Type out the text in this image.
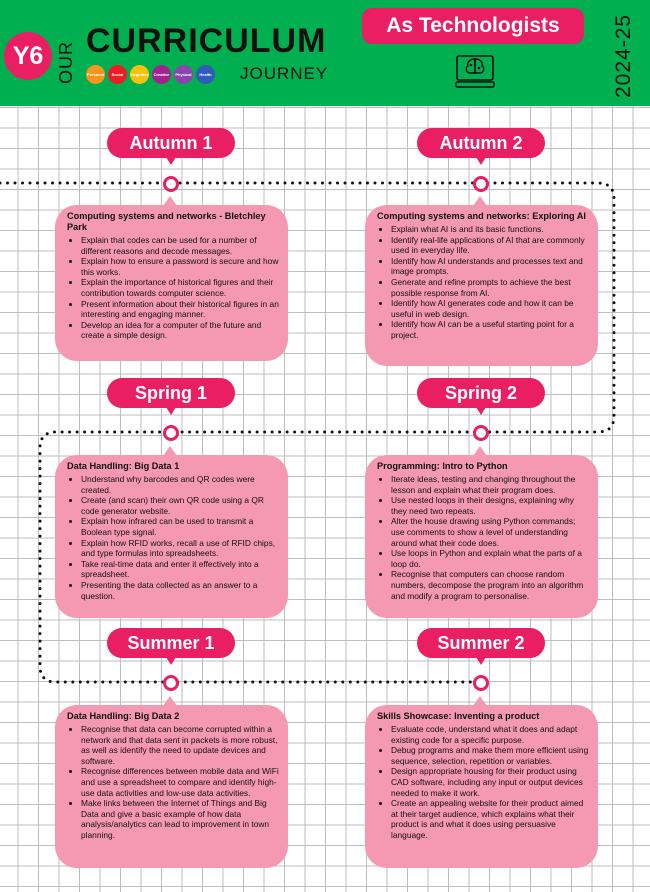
Y6 OUR CURRICULUM
Personal	Social	Cognitive	Creative	Physical	Health JOURNEY
As Technologists	2024-25
Autumn 1	Autumn 2
Spring 1	Spring 2
Summer 1	Summer 2
Computing systems and networks - Bletchley Park
• Explain that codes can be used for a number of different reasons and decode messages.
• Explain how to ensure a password is secure and how this works.
• Explain the importance of historical figures and their contribution towards computer science.
• Present information about their historical figures in an interesting and engaging manner.
• Develop an idea for a computer of the future and create a simple design.
Computing systems and networks: Exploring AI
• Explain what AI is and its basic functions.
• Identify real-life applications of AI that are commonly used in everyday life.
• Identify how AI understands and processes text and image prompts.
• Generate and refine prompts to achieve the best possible response from AI.
• Identify how AI generates code and how it can be useful in web design.
• Identify how AI can be a useful starting point for a project.
Data Handling: Big Data 1
• Understand why barcodes and QR codes were created.
• Create (and scan) their own QR code using a QR code generator website.
• Explain how infrared can be used to transmit a Boolean type signal.
• Explain how RFID works, recall a use of RFID chips, and type formulas into spreadsheets.
• Take real-time data and enter it effectively into a spreadsheet.
• Presenting the data collected as an answer to a question.
Programming: Intro to Python
• Iterate ideas, testing and changing throughout the lesson and explain what their program does.
• Use nested loops in their designs, explaining why they need two repeats.
• Alter the house drawing using Python commands; use comments to show a level of understanding around what their code does.
• Use loops in Python and explain what the parts of a loop do.
• Recognise that computers can choose random numbers, decompose the program into an algorithm and modify a program to personalise.
Data Handling: Big Data 2
• Recognise that data can become corrupted within a network and that data sent in packets is more robust, as well as identify the need to update devices and software.
• Recognise differences between mobile data and WiFi and use a spreadsheet to compare and identify high-use data activities and low-use data activities.
• Make links between the Internet of Things and Big Data and give a basic example of how data analysis/analytics can lead to improvement in town planning.
Skills Showcase: Inventing a product
• Evaluate code, understand what it does and adapt existing code for a specific purpose.
• Debug programs and make them more efficient using sequence, selection, repetition or variables.
• Design appropriate housing for their product using CAD software, including any input or output devices needed to make it work.
• Create an appealing website for their product aimed at their target audience, which explains what their product is and what it does using persuasive language.
